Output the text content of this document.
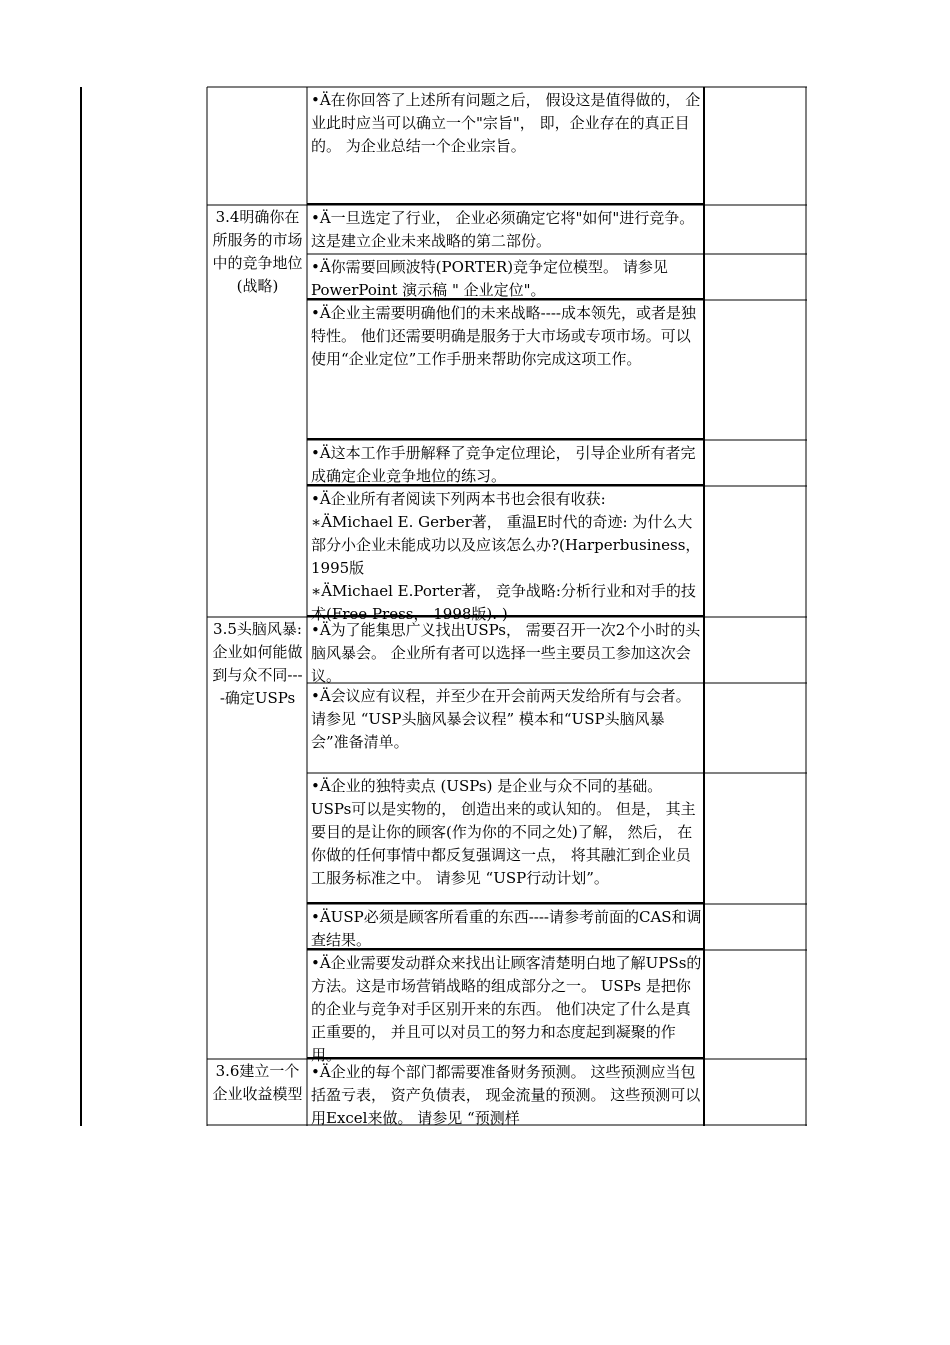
3.4明确你在所服务的市场中的竞争地位(战略)
3.5头脑风暴: 企业如何能做到与众不同----确定USPs
3.6建立一个企业收益模型
•Ä在你回答了上述所有问题之后， 假设这是值得做的， 企业此时应当可以确立一个"宗旨"， 即，企业存在的真正目的。 为企业总结一个企业宗旨。
•Ä一旦选定了行业， 企业必须确定它将"如何"进行竞争。 这是建立企业未来战略的第二部份。
•Ä你需要回顾波特(PORTER)竞争定位模型。 请参见PowerPoint 演示稿 " 企业定位"。
•Ä企业主需要明确他们的未来战略----成本领先，或者是独特性。 他们还需要明确是服务于大市场或专项市场。可以使用“企业定位”工作手册来帮助你完成这项工作。
•Ä这本工作手册解释了竞争定位理论， 引导企业所有者完成确定企业竞争地位的练习。
•Ä企业所有者阅读下列两本书也会很有收获:
∗ÄMichael E. Gerber著， 重温E时代的奇迹: 为什么大部分小企业未能成功以及应该怎么办?(Harperbusiness， 1995版
∗ÄMichael E.Porter著， 竞争战略:分析行业和对手的技术(Free Press， 1998版). )
•Ä为了能集思广义找出USPs， 需要召开一次2个小时的头脑风暴会。 企业所有者可以选择一些主要员工参加这次会议。
•Ä会议应有议程，并至少在开会前两天发给所有与会者。 请参见 “USP头脑风暴会议程” 模本和“USP头脑风暴会”准备清单。
•Ä企业的独特卖点 (USPs) 是企业与众不同的基础。 USPs可以是实物的， 创造出来的或认知的。 但是， 其主要目的是让你的顾客(作为你的不同之处)了解， 然后， 在你做的任何事情中都反复强调这一点， 将其融汇到企业员工服务标准之中。 请参见 “USP行动计划”。
•ÄUSP必须是顾客所看重的东西----请参考前面的CAS和调查结果。
•Ä企业需要发动群众来找出让顾客清楚明白地了解UPSs的方法。这是市场营销战略的组成部分之一。 USPs 是把你的企业与竞争对手区别开来的东西。 他们决定了什么是真正重要的， 并且可以对员工的努力和态度起到凝聚的作用。
•Ä企业的每个部门都需要准备财务预测。 这些预测应当包括盈亏表， 资产负债表， 现金流量的预测。 这些预测可以用Excel来做。 请参见 “预测样
